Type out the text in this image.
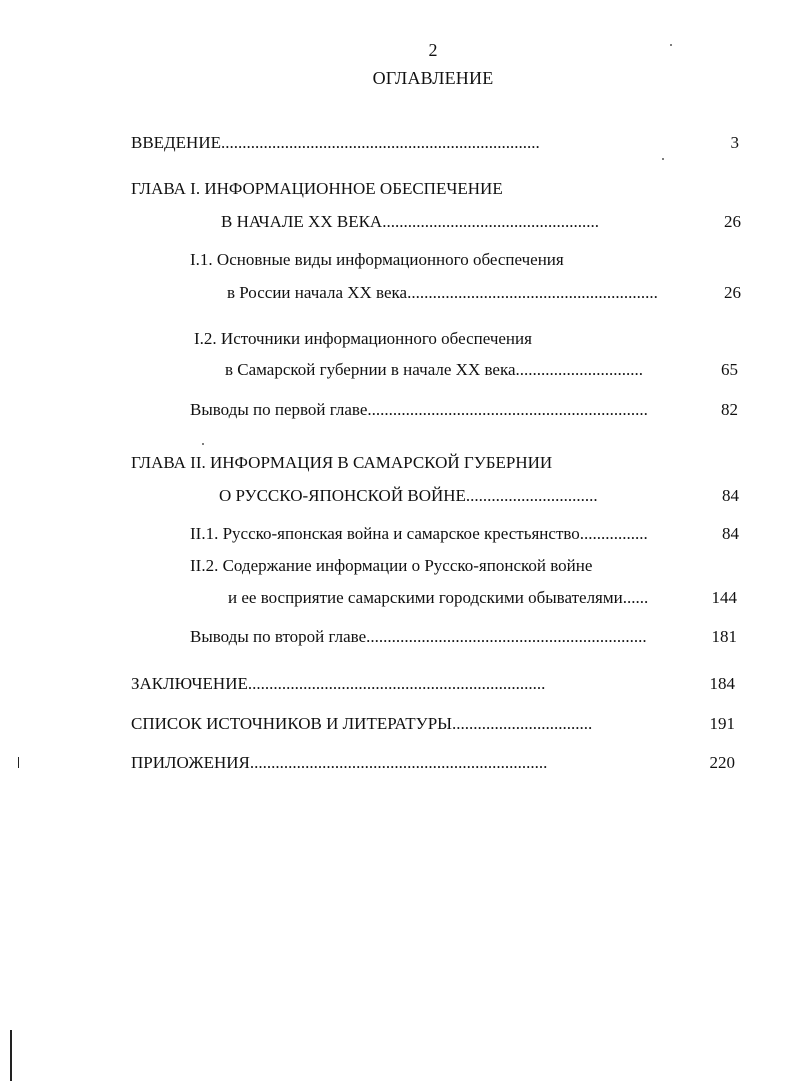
2
ОГЛАВЛЕНИЕ
ВВЕДЕНИЕ...........................................................................	3
ГЛАВА I. ИНФОРМАЦИОННОЕ ОБЕСПЕЧЕНИЕ
В НАЧАЛЕ XX ВЕКА...................................................	26
I.1. Основные виды информационного обеспечения
в России начала XX века...........................................................	26
I.2. Источники информационного обеспечения
в Самарской губернии в начале XX века..............................	65
Выводы по первой главе..................................................................	82
ГЛАВА II. ИНФОРМАЦИЯ В САМАРСКОЙ ГУБЕРНИИ
О РУССКО-ЯПОНСКОЙ ВОЙНЕ...............................	84
II.1. Русско-японская война и самарское крестьянство................	84
II.2. Содержание информации о Русско-японской войне
и ее восприятие самарскими городскими обывателями......	144
Выводы по второй главе..................................................................	181
ЗАКЛЮЧЕНИЕ......................................................................	184
СПИСОК ИСТОЧНИКОВ И ЛИТЕРАТУРЫ.................................	191
ПРИЛОЖЕНИЯ......................................................................	220
